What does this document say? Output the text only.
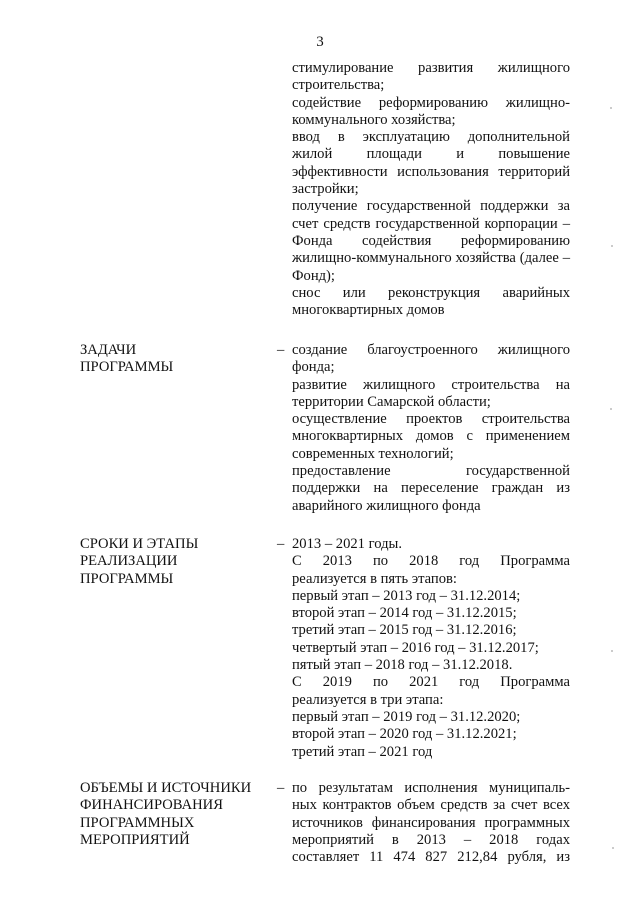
3
стимулирование развития жилищного
строительства;
содействие реформированию жилищно-
коммунального хозяйства;
ввод в эксплуатацию дополнительной
жилой площади и повышение
эффективности использования территорий
застройки;
получение государственной поддержки за
счет средств государственной корпорации –
Фонда содействия реформированию
жилищно-коммунального хозяйства (далее –
Фонд);
снос или реконструкция аварийных
многоквартирных домов
ЗАДАЧИ
ПРОГРАММЫ
– создание благоустроенного жилищного
фонда;
развитие жилищного строительства на
территории Самарской области;
осуществление проектов строительства
многоквартирных домов с применением
современных технологий;
предоставление государственной
поддержки на переселение граждан из
аварийного жилищного фонда
СРОКИ И ЭТАПЫ
РЕАЛИЗАЦИИ
ПРОГРАММЫ
– 2013 – 2021 годы.
С 2013 по 2018 год Программа
реализуется в пять этапов:
первый этап – 2013 год – 31.12.2014;
второй этап – 2014 год – 31.12.2015;
третий этап – 2015 год – 31.12.2016;
четвертый этап – 2016 год – 31.12.2017;
пятый этап – 2018 год – 31.12.2018.
С 2019 по 2021 год Программа
реализуется в три этапа:
первый этап – 2019 год – 31.12.2020;
второй этап – 2020 год – 31.12.2021;
третий этап – 2021 год
ОБЪЕМЫ И ИСТОЧНИКИ
ФИНАНСИРОВАНИЯ
ПРОГРАММНЫХ
МЕРОПРИЯТИЙ
– по результатам исполнения муниципаль-
ных контрактов объем средств за счет всех
источников финансирования программных
мероприятий в 2013 – 2018 годах
составляет 11 474 827 212,84 рубля, из
